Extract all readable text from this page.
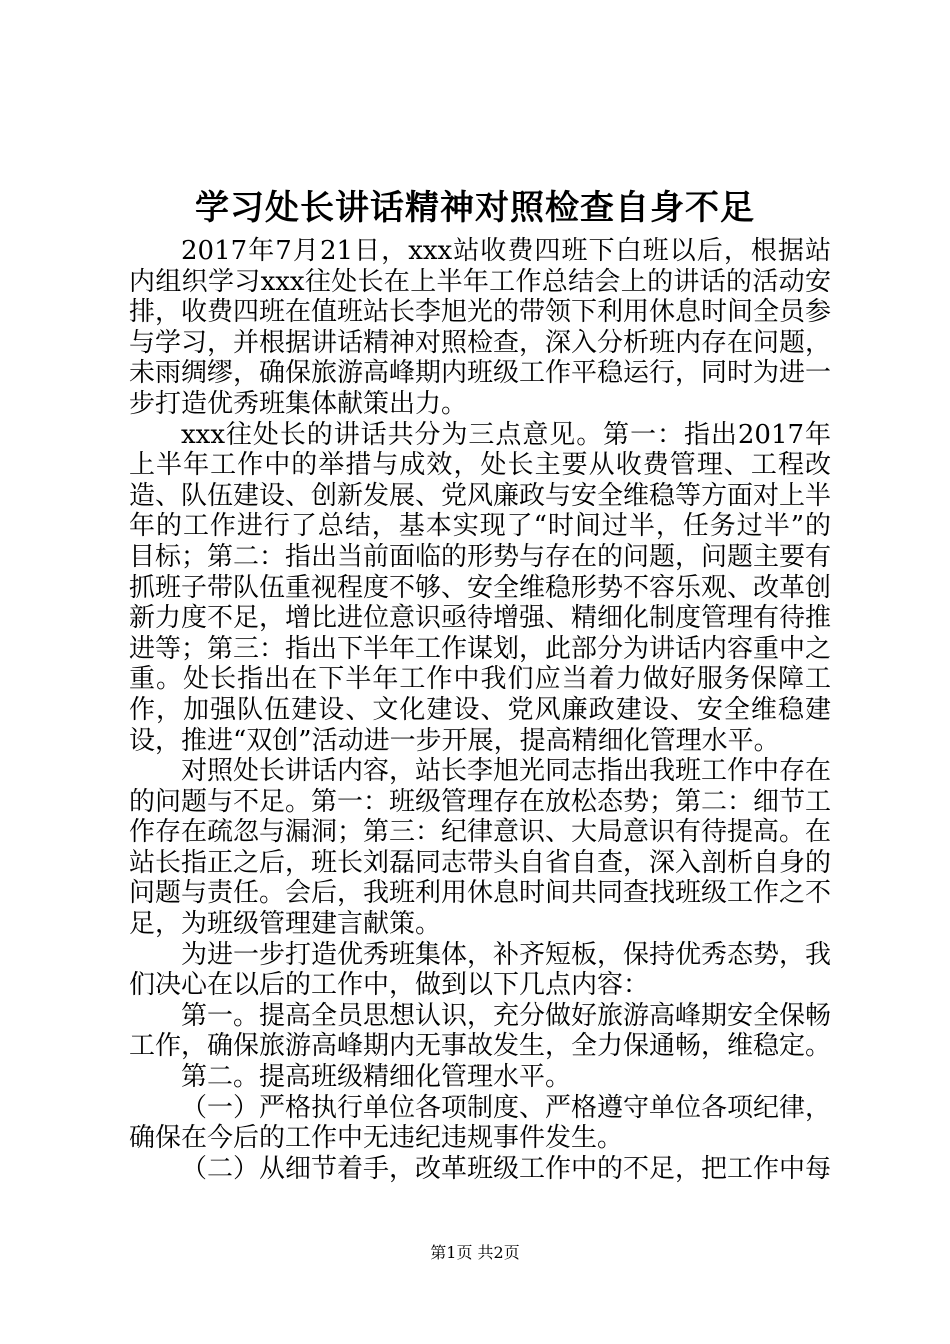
学习处长讲话精神对照检查自身不足

2017年7月21日，xxx站收费四班下白班以后，根据站内组织学习xxx往处长在上半年工作总结会上的讲话的活动安排，收费四班在值班站长李旭光的带领下利用休息时间全员参与学习，并根据讲话精神对照检查，深入分析班内存在问题，未雨绸缪，确保旅游高峰期内班级工作平稳运行，同时为进一步打造优秀班集体献策出力。

xxx往处长的讲话共分为三点意见。第一：指出2017年上半年工作中的举措与成效，处长主要从收费管理、工程改造、队伍建设、创新发展、党风廉政与安全维稳等方面对上半年的工作进行了总结，基本实现了“时间过半，任务过半”的目标；第二：指出当前面临的形势与存在的问题，问题主要有抓班子带队伍重视程度不够、安全维稳形势不容乐观、改革创新力度不足，增比进位意识亟待增强、精细化制度管理有待推进等；第三：指出下半年工作谋划，此部分为讲话内容重中之重。处长指出在下半年工作中我们应当着力做好服务保障工作，加强队伍建设、文化建设、党风廉政建设、安全维稳建设，推进“双创”活动进一步开展，提高精细化管理水平。

对照处长讲话内容，站长李旭光同志指出我班工作中存在的问题与不足。第一：班级管理存在放松态势；第二：细节工作存在疏忽与漏洞；第三：纪律意识、大局意识有待提高。在站长指正之后，班长刘磊同志带头自省自查，深入剖析自身的问题与责任。会后，我班利用休息时间共同查找班级工作之不足，为班级管理建言献策。

为进一步打造优秀班集体，补齐短板，保持优秀态势，我们决心在以后的工作中，做到以下几点内容：

第一。提高全员思想认识，充分做好旅游高峰期安全保畅工作，确保旅游高峰期内无事故发生，全力保通畅，维稳定。

第二。提高班级精细化管理水平。

（一）严格执行单位各项制度、严格遵守单位各项纪律，确保在今后的工作中无违纪违规事件发生。

（二）从细节着手，改革班级工作中的不足，把工作中每

第1页 共2页
